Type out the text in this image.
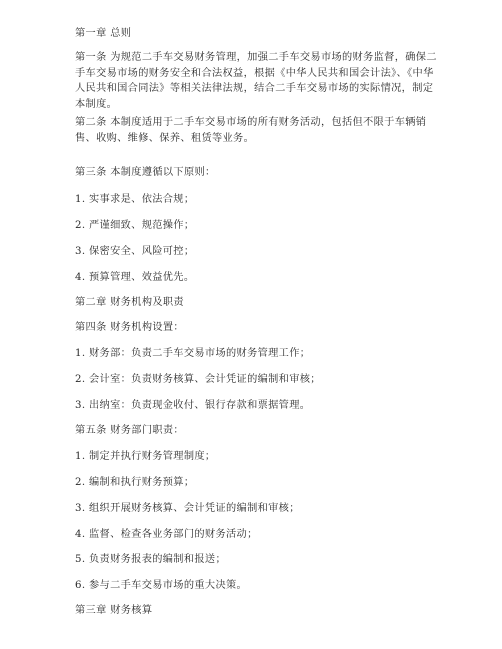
第一章 总则
第一条 为规范二手车交易财务管理，加强二手车交易市场的财务监督，确保二手车交易市场的财务安全和合法权益，根据《中华人民共和国会计法》、《中华人民共和国合同法》等相关法律法规，结合二手车交易市场的实际情况，制定本制度。
第二条 本制度适用于二手车交易市场的所有财务活动，包括但不限于车辆销售、收购、维修、保养、租赁等业务。
第三条 本制度遵循以下原则：
1. 实事求是、依法合规；
2. 严谨细致、规范操作；
3. 保密安全、风险可控；
4. 预算管理、效益优先。
第二章 财务机构及职责
第四条 财务机构设置：
1. 财务部：负责二手车交易市场的财务管理工作；
2. 会计室：负责财务核算、会计凭证的编制和审核；
3. 出纳室：负责现金收付、银行存款和票据管理。
第五条 财务部门职责：
1. 制定并执行财务管理制度；
2. 编制和执行财务预算；
3. 组织开展财务核算、会计凭证的编制和审核；
4. 监督、检查各业务部门的财务活动；
5. 负责财务报表的编制和报送；
6. 参与二手车交易市场的重大决策。
第三章 财务核算
